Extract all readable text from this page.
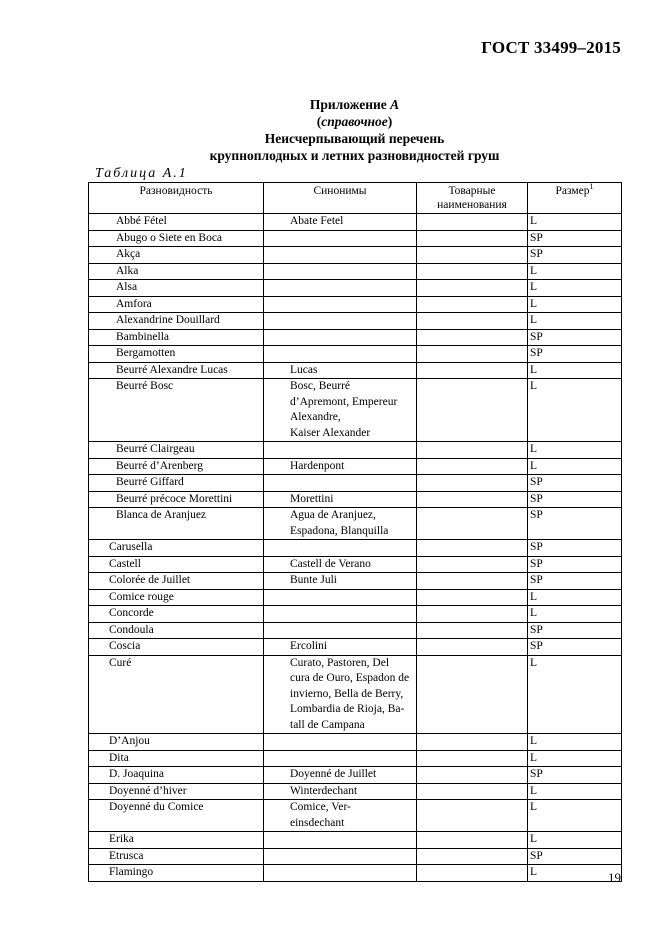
ГОСТ 33499–2015
Приложение А
(справочное)
Неисчерпывающий перечень
крупноплодных и летних разновидностей груш
Таблица А.1
Разновидность	Синонимы	Товарные наименования	Размер$^1$
Abbé Fétel	Abate Fetel		L
Abugo o Siete en Boca			SP
Akça			SP
Alka			L
Alsa			L
Amfora			L
Alexandrine Douillard			L
Bambinella			SP
Bergamotten			SP
Beurré Alexandre Lucas	Lucas		L
Beurré Bosc	Bosc, Beurré
d’Apremont, Empereur
Alexandre,
Kaiser Alexander		L
Beurré Clairgeau			L
Beurré d’Arenberg	Hardenpont		L
Beurré Giffard			SP
Beurré précoce Morettini	Morettini		SP
Blanca de Aranjuez	Agua de Aranjuez,
Espadona, Blanquilla		SP
Carusella			SP
Castell	Castell de Verano		SP
Colorée de Juillet	Bunte Juli		SP
Comice rouge			L
Concorde			L
Condoula			SP
Coscia	Ercolini		SP
Curé	Curato, Pastoren, Del
cura de Ouro, Espadon de
invierno, Bella de Berry,
Lombardia de Rioja, Ba-
tall de Campana		L
D’Anjou			L
Dita			L
D. Joaquina	Doyenné de Juillet		SP
Doyenné d’hiver	Winterdechant		L
Doyenné du Comice	Comice, Ver-
einsdechant		L
Erika			L
Etrusca			SP
Flamingo			L	19
